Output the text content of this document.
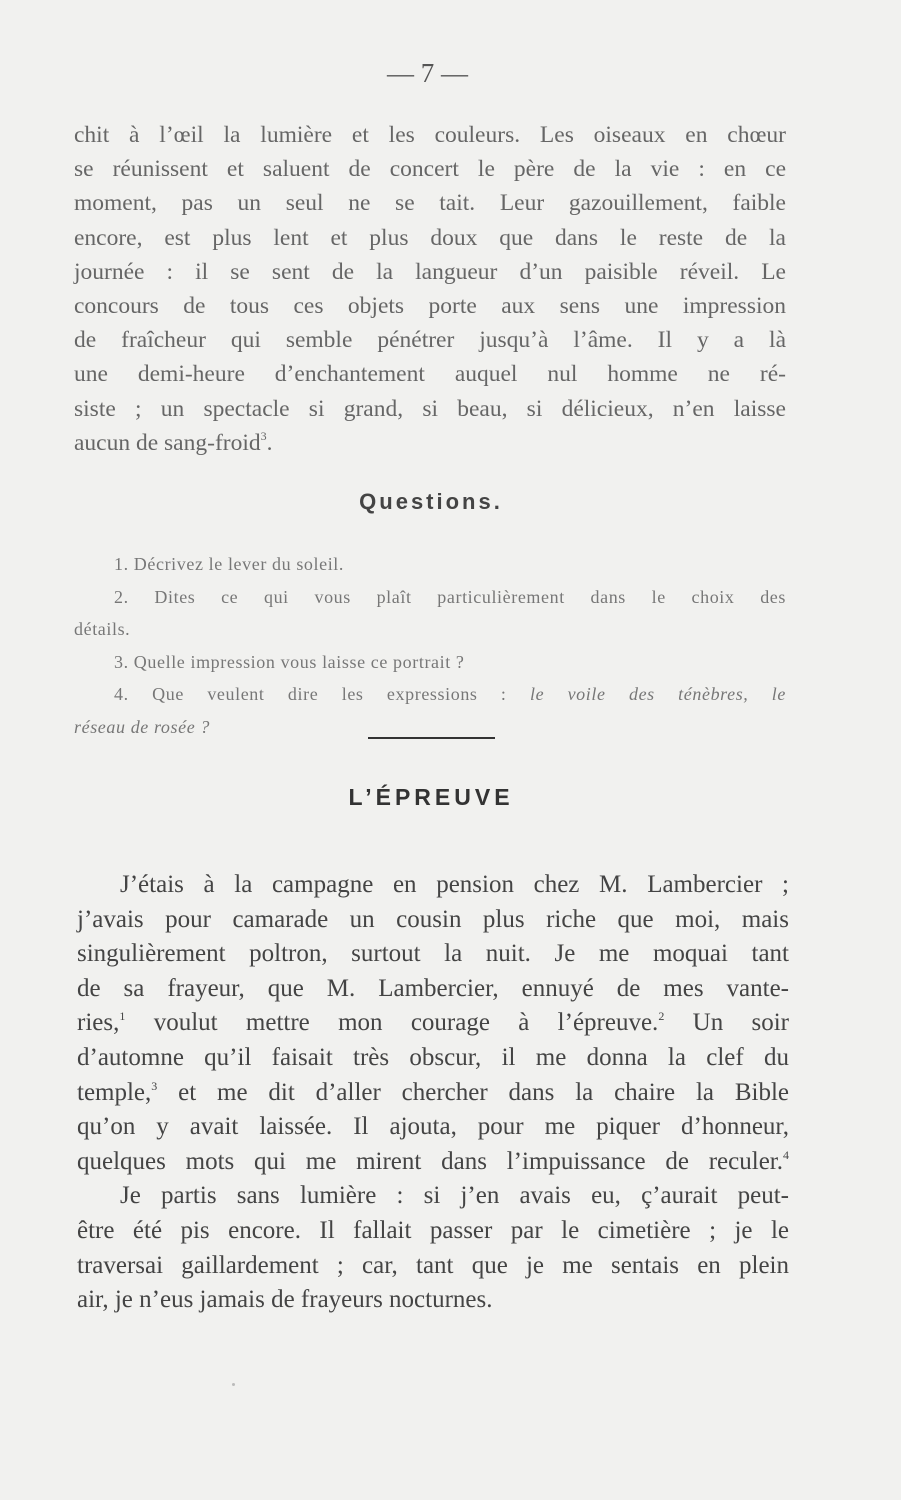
— 7 —
chit à l’œil la lumière et les couleurs. Les oiseaux en chœur
se réunissent et saluent de concert le père de la vie : en ce
moment, pas un seul ne se tait. Leur gazouillement, faible
encore, est plus lent et plus doux que dans le reste de la
journée : il se sent de la langueur d’un paisible réveil. Le
concours de tous ces objets porte aux sens une impression
de fraîcheur qui semble pénétrer jusqu’à l’âme. Il y a là
une demi-heure d’enchantement auquel nul homme ne ré-
siste ; un spectacle si grand, si beau, si délicieux, n’en laisse
aucun de sang-froid$^3$.
Questions.
1. Décrivez le lever du soleil.
2. Dites ce qui vous plaît particulièrement dans le choix des
détails.
3. Quelle impression vous laisse ce portrait ?
4. Que veulent dire les expressions : le voile des ténèbres, le
réseau de rosée ?
L’ÉPREUVE
J’étais à la campagne en pension chez M. Lambercier ;
j’avais pour camarade un cousin plus riche que moi, mais
singulièrement poltron, surtout la nuit. Je me moquai tant
de sa frayeur, que M. Lambercier, ennuyé de mes vante-
ries,$^1$ voulut mettre mon courage à l’épreuve.$^2$ Un soir
d’automne qu’il faisait très obscur, il me donna la clef du
temple,$^3$ et me dit d’aller chercher dans la chaire la Bible
qu’on y avait laissée. Il ajouta, pour me piquer d’honneur,
quelques mots qui me mirent dans l’impuissance de reculer.$^4$
Je partis sans lumière : si j’en avais eu, ç’aurait peut-
être été pis encore. Il fallait passer par le cimetière ; je le
traversai gaillardement ; car, tant que je me sentais en plein
air, je n’eus jamais de frayeurs nocturnes.
